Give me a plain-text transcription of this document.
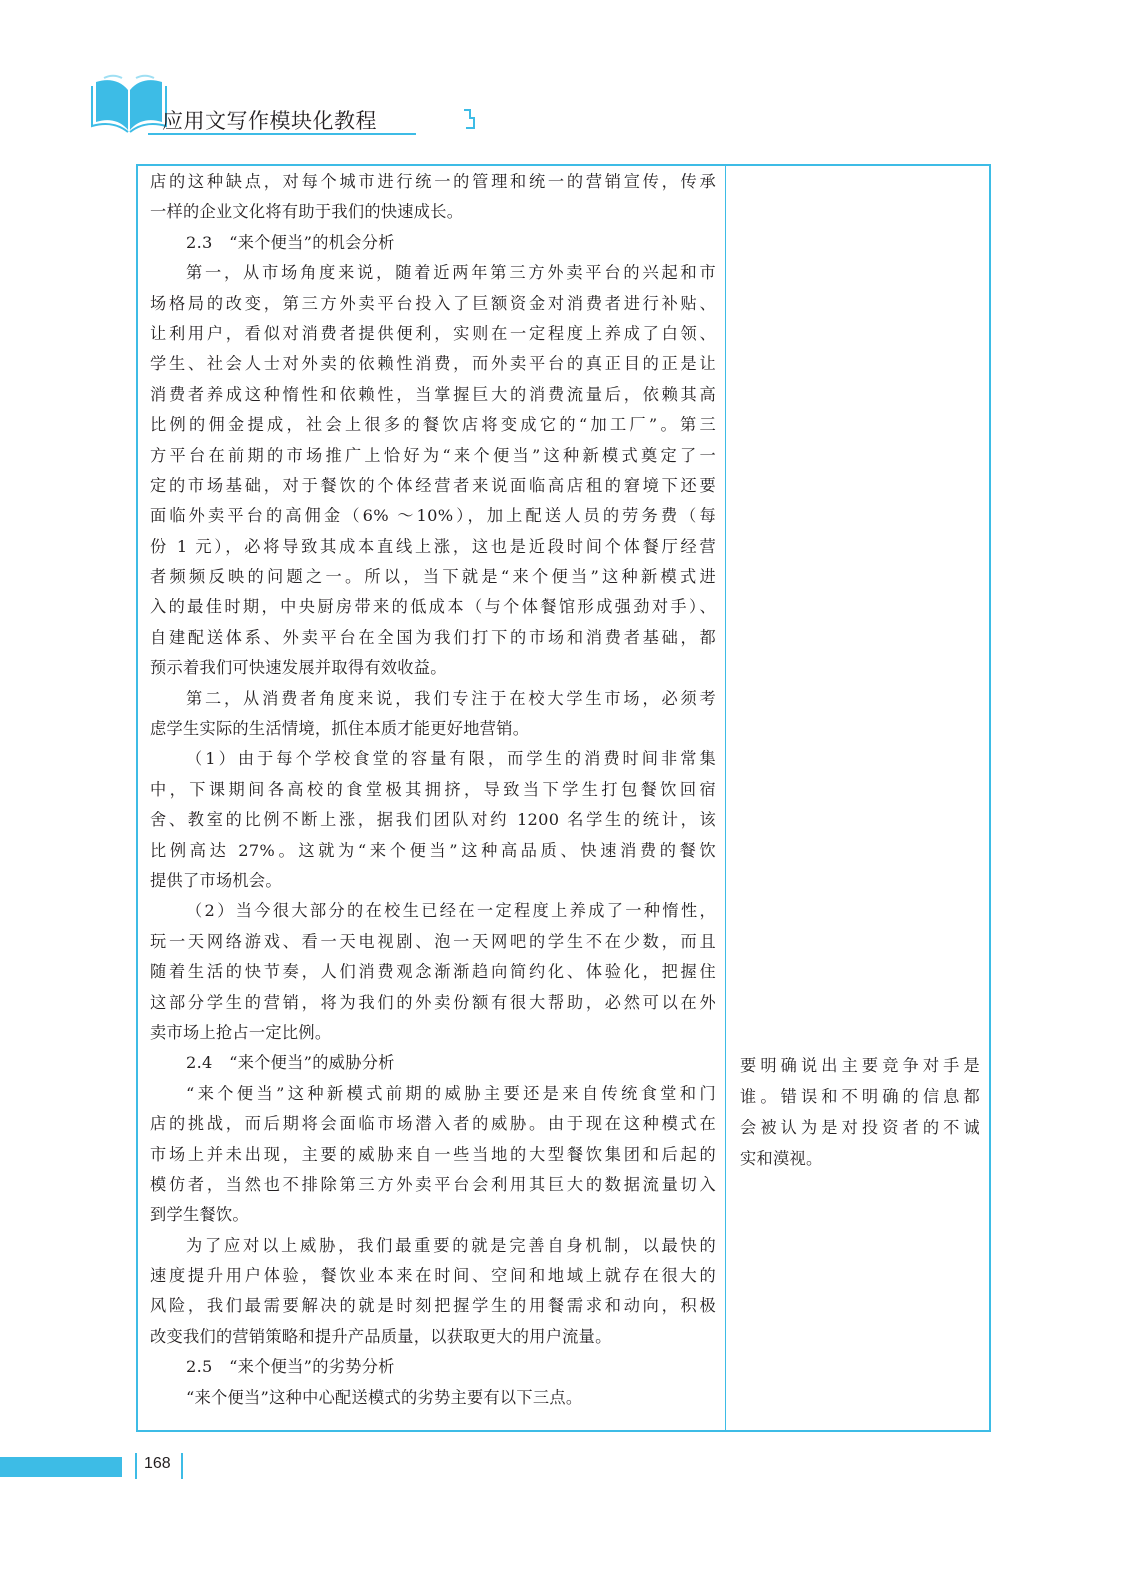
应用文写作模块化教程
店的这种缺点，对每个城市进行统一的管理和统一的营销宣传，传承
一样的企业文化将有助于我们的快速成长。
2.3　“来个便当”的机会分析
第一，从市场角度来说，随着近两年第三方外卖平台的兴起和市
场格局的改变，第三方外卖平台投入了巨额资金对消费者进行补贴、
让利用户，看似对消费者提供便利，实则在一定程度上养成了白领、
学生、社会人士对外卖的依赖性消费，而外卖平台的真正目的正是让
消费者养成这种惰性和依赖性，当掌握巨大的消费流量后，依赖其高
比例的佣金提成，社会上很多的餐饮店将变成它的“加工厂”。第三
方平台在前期的市场推广上恰好为“来个便当”这种新模式奠定了一
定的市场基础，对于餐饮的个体经营者来说面临高店租的窘境下还要
面临外卖平台的高佣金（6% ～10%），加上配送人员的劳务费（每
份 1 元），必将导致其成本直线上涨，这也是近段时间个体餐厅经营
者频频反映的问题之一。所以，当下就是“来个便当”这种新模式进
入的最佳时期，中央厨房带来的低成本（与个体餐馆形成强劲对手）、
自建配送体系、外卖平台在全国为我们打下的市场和消费者基础，都
预示着我们可快速发展并取得有效收益。
第二，从消费者角度来说，我们专注于在校大学生市场，必须考
虑学生实际的生活情境，抓住本质才能更好地营销。
（1）由于每个学校食堂的容量有限，而学生的消费时间非常集
中，下课期间各高校的食堂极其拥挤，导致当下学生打包餐饮回宿
舍、教室的比例不断上涨，据我们团队对约 1200 名学生的统计，该
比例高达 27%。这就为“来个便当”这种高品质、快速消费的餐饮
提供了市场机会。
（2）当今很大部分的在校生已经在一定程度上养成了一种惰性，
玩一天网络游戏、看一天电视剧、泡一天网吧的学生不在少数，而且
随着生活的快节奏，人们消费观念渐渐趋向简约化、体验化，把握住
这部分学生的营销，将为我们的外卖份额有很大帮助，必然可以在外
卖市场上抢占一定比例。
2.4　“来个便当”的威胁分析
“来个便当”这种新模式前期的威胁主要还是来自传统食堂和门
店的挑战，而后期将会面临市场潜入者的威胁。由于现在这种模式在
市场上并未出现，主要的威胁来自一些当地的大型餐饮集团和后起的
模仿者，当然也不排除第三方外卖平台会利用其巨大的数据流量切入
到学生餐饮。
为了应对以上威胁，我们最重要的就是完善自身机制，以最快的
速度提升用户体验，餐饮业本来在时间、空间和地域上就存在很大的
风险，我们最需要解决的就是时刻把握学生的用餐需求和动向，积极
改变我们的营销策略和提升产品质量，以获取更大的用户流量。
2.5　“来个便当”的劣势分析
“来个便当”这种中心配送模式的劣势主要有以下三点。
要明确说出主要竞争对手是
谁。错误和不明确的信息都
会被认为是对投资者的不诚
实和漠视。
168
